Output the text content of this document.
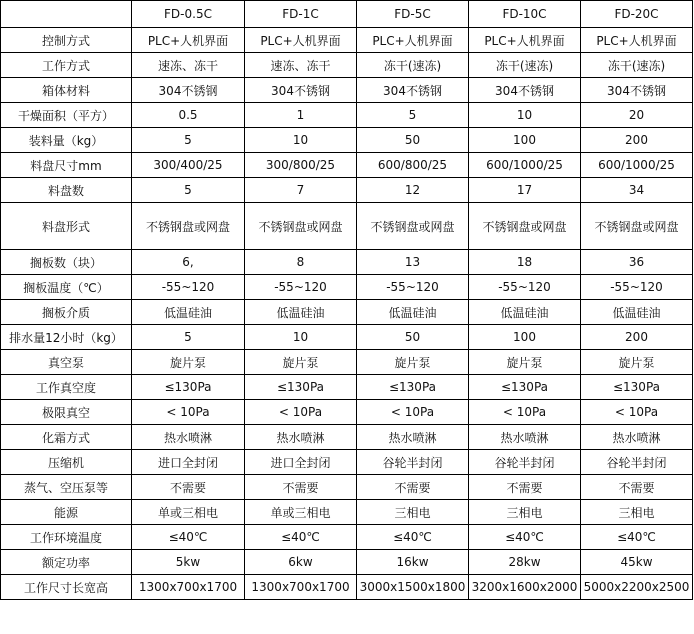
	FD-0.5C	FD-1C	FD-5C	FD-10C	FD-20C
控制方式	PLC+人机界面	PLC+人机界面	PLC+人机界面	PLC+人机界面	PLC+人机界面
工作方式	速冻、冻干	速冻、冻干	冻干(速冻)	冻干(速冻)	冻干(速冻)
箱体材料	304不锈钢	304不锈钢	304不锈钢	304不锈钢	304不锈钢
干燥面积（平方）	0.5	1	5	10	20
装料量（kg）	5	10	50	100	200
料盘尺寸mm	300/400/25	300/800/25	600/800/25	600/1000/25	600/1000/25
料盘数	5	7	12	17	34
料盘形式	不锈钢盘或网盘	不锈钢盘或网盘	不锈钢盘或网盘	不锈钢盘或网盘	不锈钢盘或网盘
搁板数（块）	6,	8	13	18	36
搁板温度（℃）	-55~120	-55~120	-55~120	-55~120	-55~120
搁板介质	低温硅油	低温硅油	低温硅油	低温硅油	低温硅油
排水量12小时（kg）	5	10	50	100	200
真空泵	旋片泵	旋片泵	旋片泵	旋片泵	旋片泵
工作真空度	≤130Pa	≤130Pa	≤130Pa	≤130Pa	≤130Pa
极限真空	< 10Pa	< 10Pa	< 10Pa	< 10Pa	< 10Pa
化霜方式	热水喷淋	热水喷淋	热水喷淋	热水喷淋	热水喷淋
压缩机	进口全封闭	进口全封闭	谷轮半封闭	谷轮半封闭	谷轮半封闭
蒸气、空压泵等	不需要	不需要	不需要	不需要	不需要
能源	单或三相电	单或三相电	三相电	三相电	三相电
工作环境温度	≤40℃	≤40℃	≤40℃	≤40℃	≤40℃
额定功率	5kw	6kw	16kw	28kw	45kw
工作尺寸长宽高	1300x700x1700	1300x700x1700	3000x1500x1800	3200x1600x2000	5000x2200x2500
